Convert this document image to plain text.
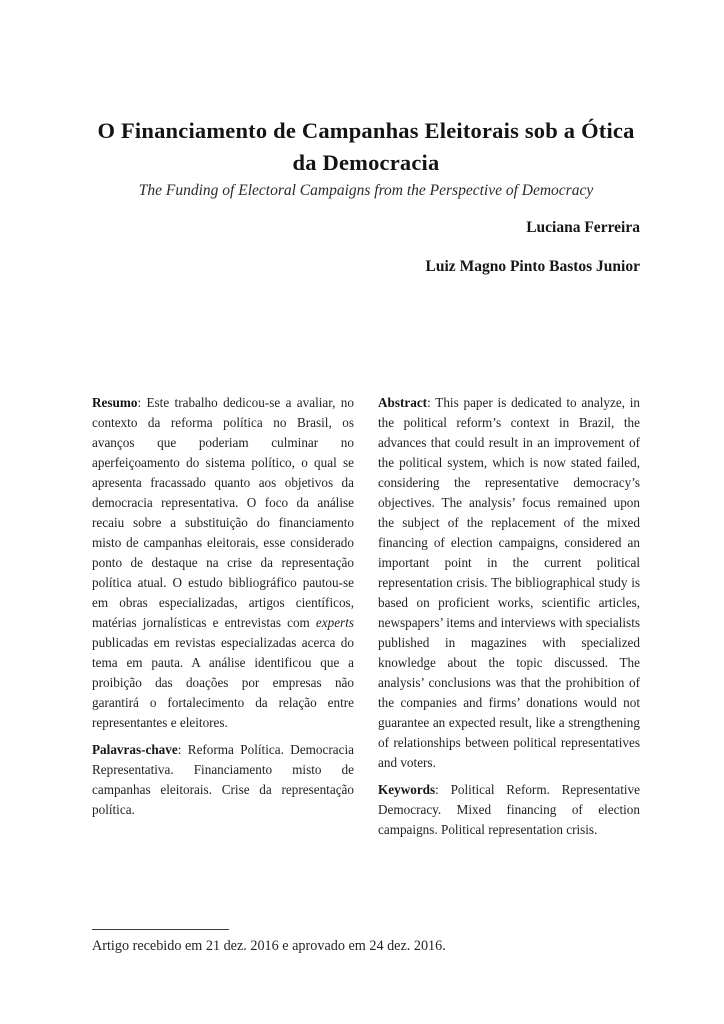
O Financiamento de Campanhas Eleitorais sob a Ótica da Democracia
The Funding of Electoral Campaigns from the Perspective of Democracy
Luciana Ferreira
Luiz Magno Pinto Bastos Junior

Resumo: Este trabalho dedicou-se a avaliar, no contexto da reforma política no Brasil, os avanços que poderiam culminar no aperfeiçoamento do sistema político, o qual se apresenta fracassado quanto aos objetivos da democracia representativa. O foco da análise recaiu sobre a substituição do financiamento misto de campanhas eleitorais, esse considerado ponto de destaque na crise da representação política atual. O estudo bibliográfico pautou-se em obras especializadas, artigos científicos, matérias jornalísticas e entrevistas com experts publicadas em revistas especializadas acerca do tema em pauta. A análise identificou que a proibição das doações por empresas não garantirá o fortalecimento da relação entre representantes e eleitores.

Palavras-chave: Reforma Política. Democracia Representativa. Financiamento misto de campanhas eleitorais. Crise da representação política.

Abstract: This paper is dedicated to analyze, in the political reform’s context in Brazil, the advances that could result in an improvement of the political system, which is now stated failed, considering the representative democracy’s objectives. The analysis’ focus remained upon the subject of the replacement of the mixed financing of election campaigns, considered an important point in the current political representation crisis. The bibliographical study is based on proficient works, scientific articles, newspapers’ items and interviews with specialists published in magazines with specialized knowledge about the topic discussed. The analysis’ conclusions was that the prohibition of the companies and firms’ donations would not guarantee an expected result, like a strengthening of relationships between political representatives and voters.

Keywords: Political Reform. Representative Democracy. Mixed financing of election campaigns. Political representation crisis.

Artigo recebido em 21 dez. 2016 e aprovado em 24 dez. 2016.
